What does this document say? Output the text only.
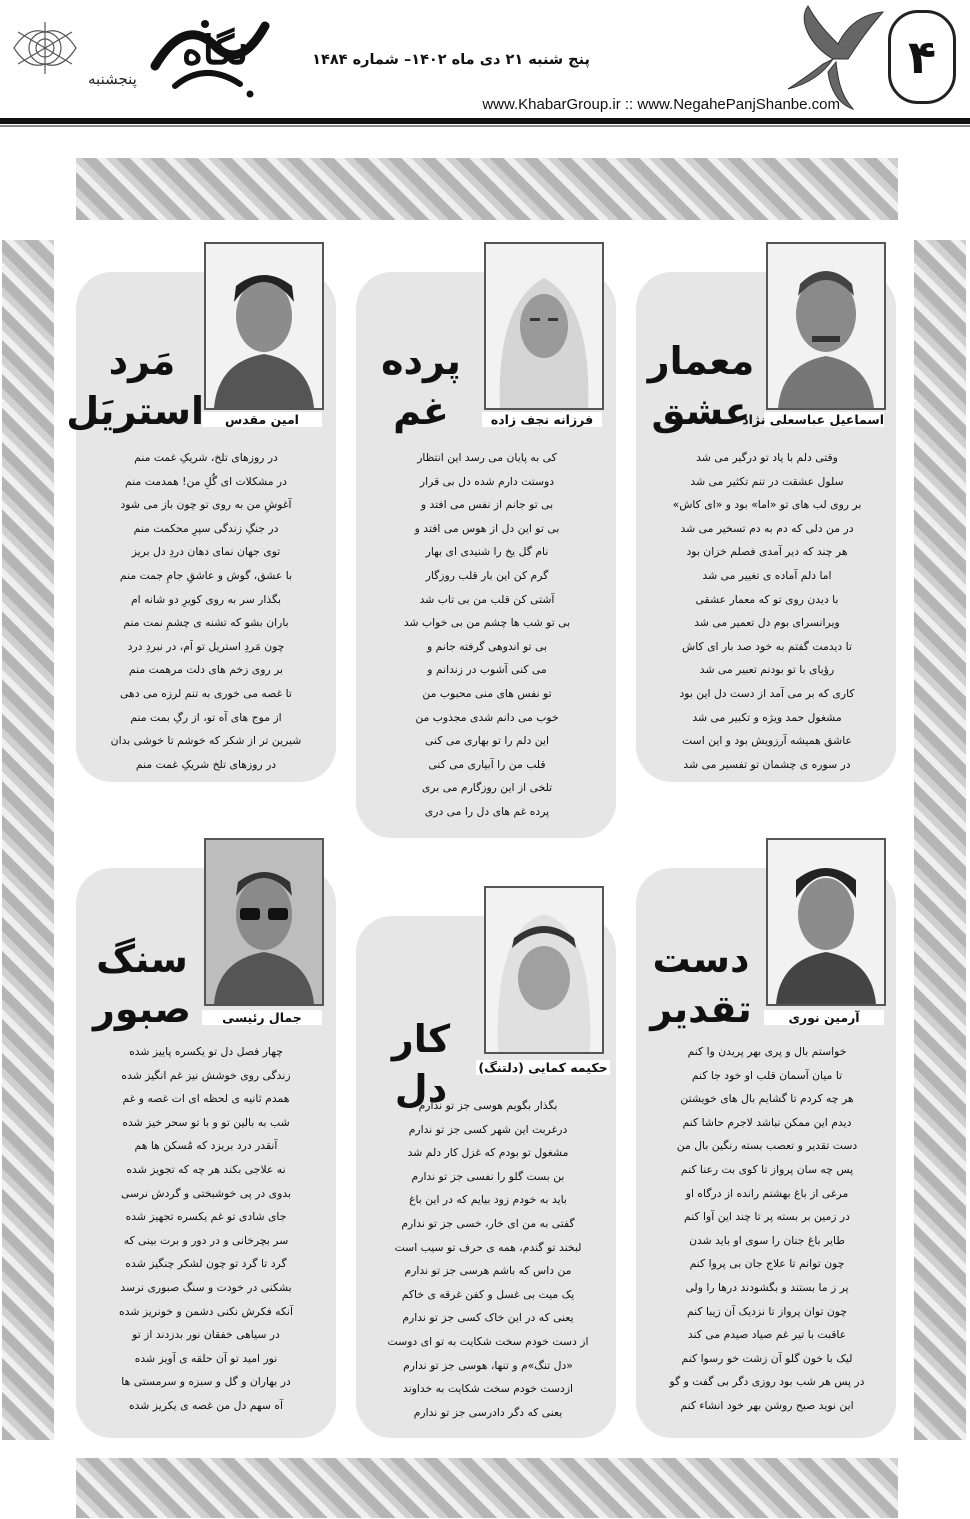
پنجشنبه
نگاه	پنج شنبه ۲۱ دی ماه ۱۴۰۲– شماره ۱۴۸۴
www.KhabarGroup.ir :: www.NegahePanjShanbe.com
۴
اسماعیل عباسعلی نژاد
معمار
عشق
وقتی دلم با یاد تو درگیر می شد
سلول عشقت در تنم تکثیر می شد
بر روی لب های تو «اما» بود و «ای کاش»
در من دلی که دم به دم تسخیر می شد
هر چند که دیر آمدی فصلم خزان بود
اما دلم آماده ی تغییر می شد
با دیدن روی تو که معمار عشقی
ویرانسرای بوم دل تعمیر می شد
تا دیدمت گفتم به خود صد بار ای کاش
رؤیای با تو بودنم تعبیر می شد
کاری که بر می آمد از دست دل این بود
مشغول حمد ویژه و تکبیر می شد
عاشق همیشه آرزویش بود و این است
در سوره ی چشمان تو تفسیر می شد
فرزانه نجف زاده
پرده
غم
کی به پایان می رسد این انتظار
دوستت دارم شده دل بی قرار
بی تو جانم از نفس می افتد و
بی تو این دل از هوس می افتد و
نام گل یخ را شنیدی ای بهار
گرم کن این بار قلب روزگار
آشتی کن قلب من بی تاب شد
بی تو شب ها چشم من بی خواب شد
بی تو اندوهی گرفته جانم و
می کنی آشوب در زندانم و
تو نفس های منی محبوب من
خوب می دانم شدی مجذوب من
این دلم را تو بهاری می کنی
قلب من را آبیاری می کنی
تلخی از این روزگارم می بری
پرده غم های دل را می دری
امین مقدس
مَرد
استریَل
در روزهای تلخ، شریکِ غمت منم
در مشکلات ای گُلِ من! همدمت منم
آغوشِ من به روی تو چون باز می شود
در جنگِ زندگی سپرِ محکمت منم
توی جهان نمای دهان دردِ دل بریز
با عشق، گوش و عاشقِ جامِ جمت منم
بگذار سر به روی کویرِ دو شانه ام
باران بشو که تشنه ی چشمِ نمت منم
چون مَردِ استریل تو اَم، در نبردِ درد
بر روی زخم های دلت مرهمت منم
تا غصه می خوری به تنم لرزه می دهی
از موج های آه تو، از رگِ بمت منم
شیرین تر از شکر که خوشم تا خوشی بدان
در روزهای تلخ شریکِ غمت منم
آرمین نوری
دست
تقدیر
خواستم بال و پری بهر پریدن وا کنم
تا میان آسمان قلب او خود جا کنم
هر چه کردم تا گشایم بال های خویشتن
دیدم این ممکن نباشد لاجرم حاشا کنم
دست تقدیر و تعصب بسته رنگین بال من
پس چه سان پرواز تا کوی بت رعنا کنم
مرغی از باغ بهشتم رانده از درگاه او
در زمین بر بسته پر تا چند این آوا کنم
طایر باغ جنان را سوی او باید شدن
چون توانم تا علاج جان بی پروا کنم
پر ز ما بستند و بگشودند درها را ولی
چون توان پرواز تا نزدیک آن زیبا کنم
عاقبت با تیر غم صیاد صیدم می کند
لیک با خون گلو آن زشت خو رسوا کنم
در پس هر شب بود روزی دگر بی گفت و گو
این نوید صبح روشن بهر خود انشاء کنم
حکیمه کمایی (دلتنگ)
کار
دل
بگذار بگویم هوسی جز تو ندارم
درغربت این شهر کسی جز تو ندارم
مشغول تو بودم که غزل کار دلم شد
بن بست گلو را نفسی جز تو ندارم
باید به خودم زود بیایم که در این باغ
گفتی به من ای خار، خسی جز تو ندارم
لبخند تو گندم، همه ی حرف تو سیب است
من داس که باشم هرسی جز تو ندارم
یک میت بی غسل و کفن غرقه ی خاکم
یعنی که در این خاک کسی جز تو ندارم
از دست خودم سخت شکایت به تو ای دوست
«دل تنگ»م و تنها، هوسی جز تو ندارم
ازدست خودم سخت شکایت به خداوند
یعنی که دگر دادرسی جز تو ندارم
جمال رئیسی
سنگ
صبور
چهار فصل دل تو یکسره پاییز شده
زندگی روی خوشش نیز غم انگیز شده
همدم ثانیه ی لحظه ای ات غصه و غم
شب به بالین تو و با تو سحر خیز شده
آنقدر درد بریزد که مُسکن ها هم
نه علاجی بکند هر چه که تجویز شده
بدوی در پی خوشبختی و گردش نرسی
جای شادی تو غم یکسره تجهیز شده
سر بچرخانی و در دور و برت بینی که
گرد تا گرد تو چون لشکر چنگیز شده
بشکنی در خودت و سنگ صبوری نرسد
آنکه فکرش نکنی دشمن و خونریز شده
در سیاهی خفقان نور بدزدند از تو
نور امید تو آن حلقه ی آویز شده
در بهاران و گل و سبزه و سرمستی ها
آه سهم دل من غصه ی یکریز شده
